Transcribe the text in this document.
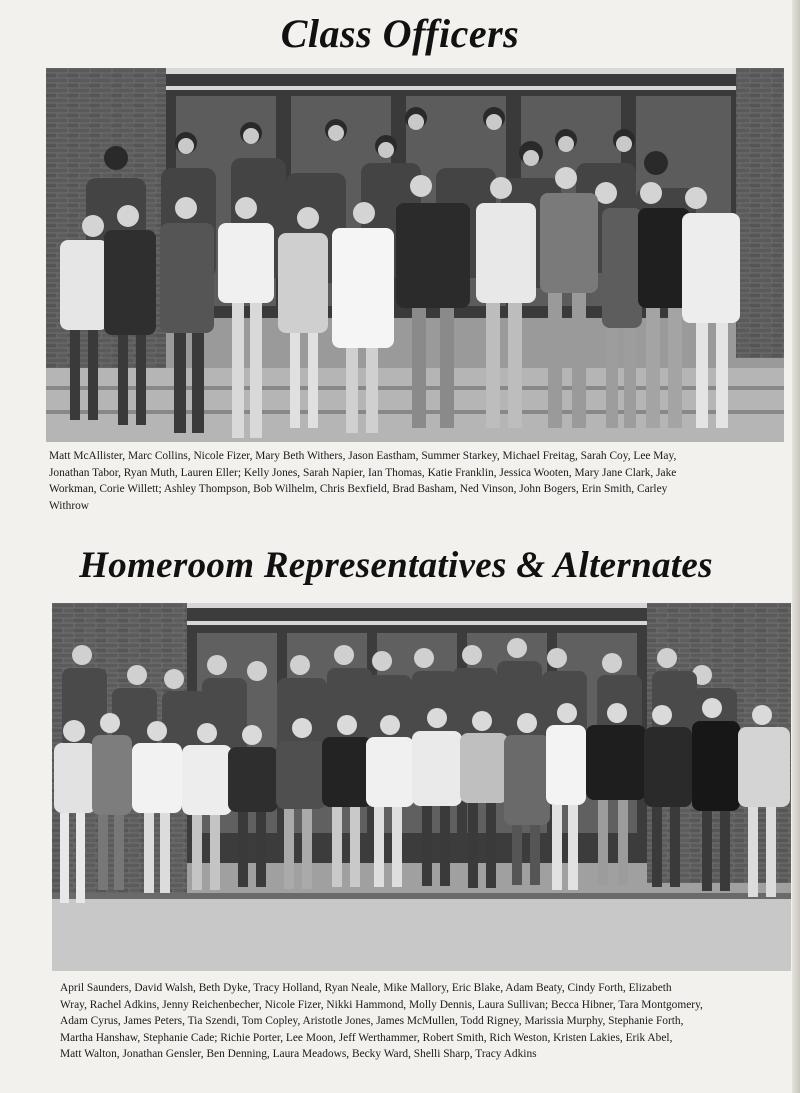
Class Officers
Matt McAllister, Marc Collins, Nicole Fizer, Mary Beth Withers, Jason Eastham, Summer Starkey, Michael Freitag, Sarah Coy, Lee May,
Jonathan Tabor, Ryan Muth, Lauren Eller; Kelly Jones, Sarah Napier, Ian Thomas, Katie Franklin, Jessica Wooten, Mary Jane Clark, Jake
Workman, Corie Willett; Ashley Thompson, Bob Wilhelm, Chris Bexfield, Brad Basham, Ned Vinson, John Bogers, Erin Smith, Carley
Withrow
Homeroom Representatives & Alternates
April Saunders, David Walsh, Beth Dyke, Tracy Holland, Ryan Neale, Mike Mallory, Eric Blake, Adam Beaty, Cindy Forth, Elizabeth
Wray, Rachel Adkins, Jenny Reichenbecher, Nicole Fizer, Nikki Hammond, Molly Dennis, Laura Sullivan; Becca Hibner, Tara Montgomery,
Adam Cyrus, James Peters, Tia Szendi, Tom Copley, Aristotle Jones, James McMullen, Todd Rigney, Marissia Murphy, Stephanie Forth,
Martha Hanshaw, Stephanie Cade; Richie Porter, Lee Moon, Jeff Werthammer, Robert Smith, Rich Weston, Kristen Lakies, Erik Abel,
Matt Walton, Jonathan Gensler, Ben Denning, Laura Meadows, Becky Ward, Shelli Sharp, Tracy Adkins
